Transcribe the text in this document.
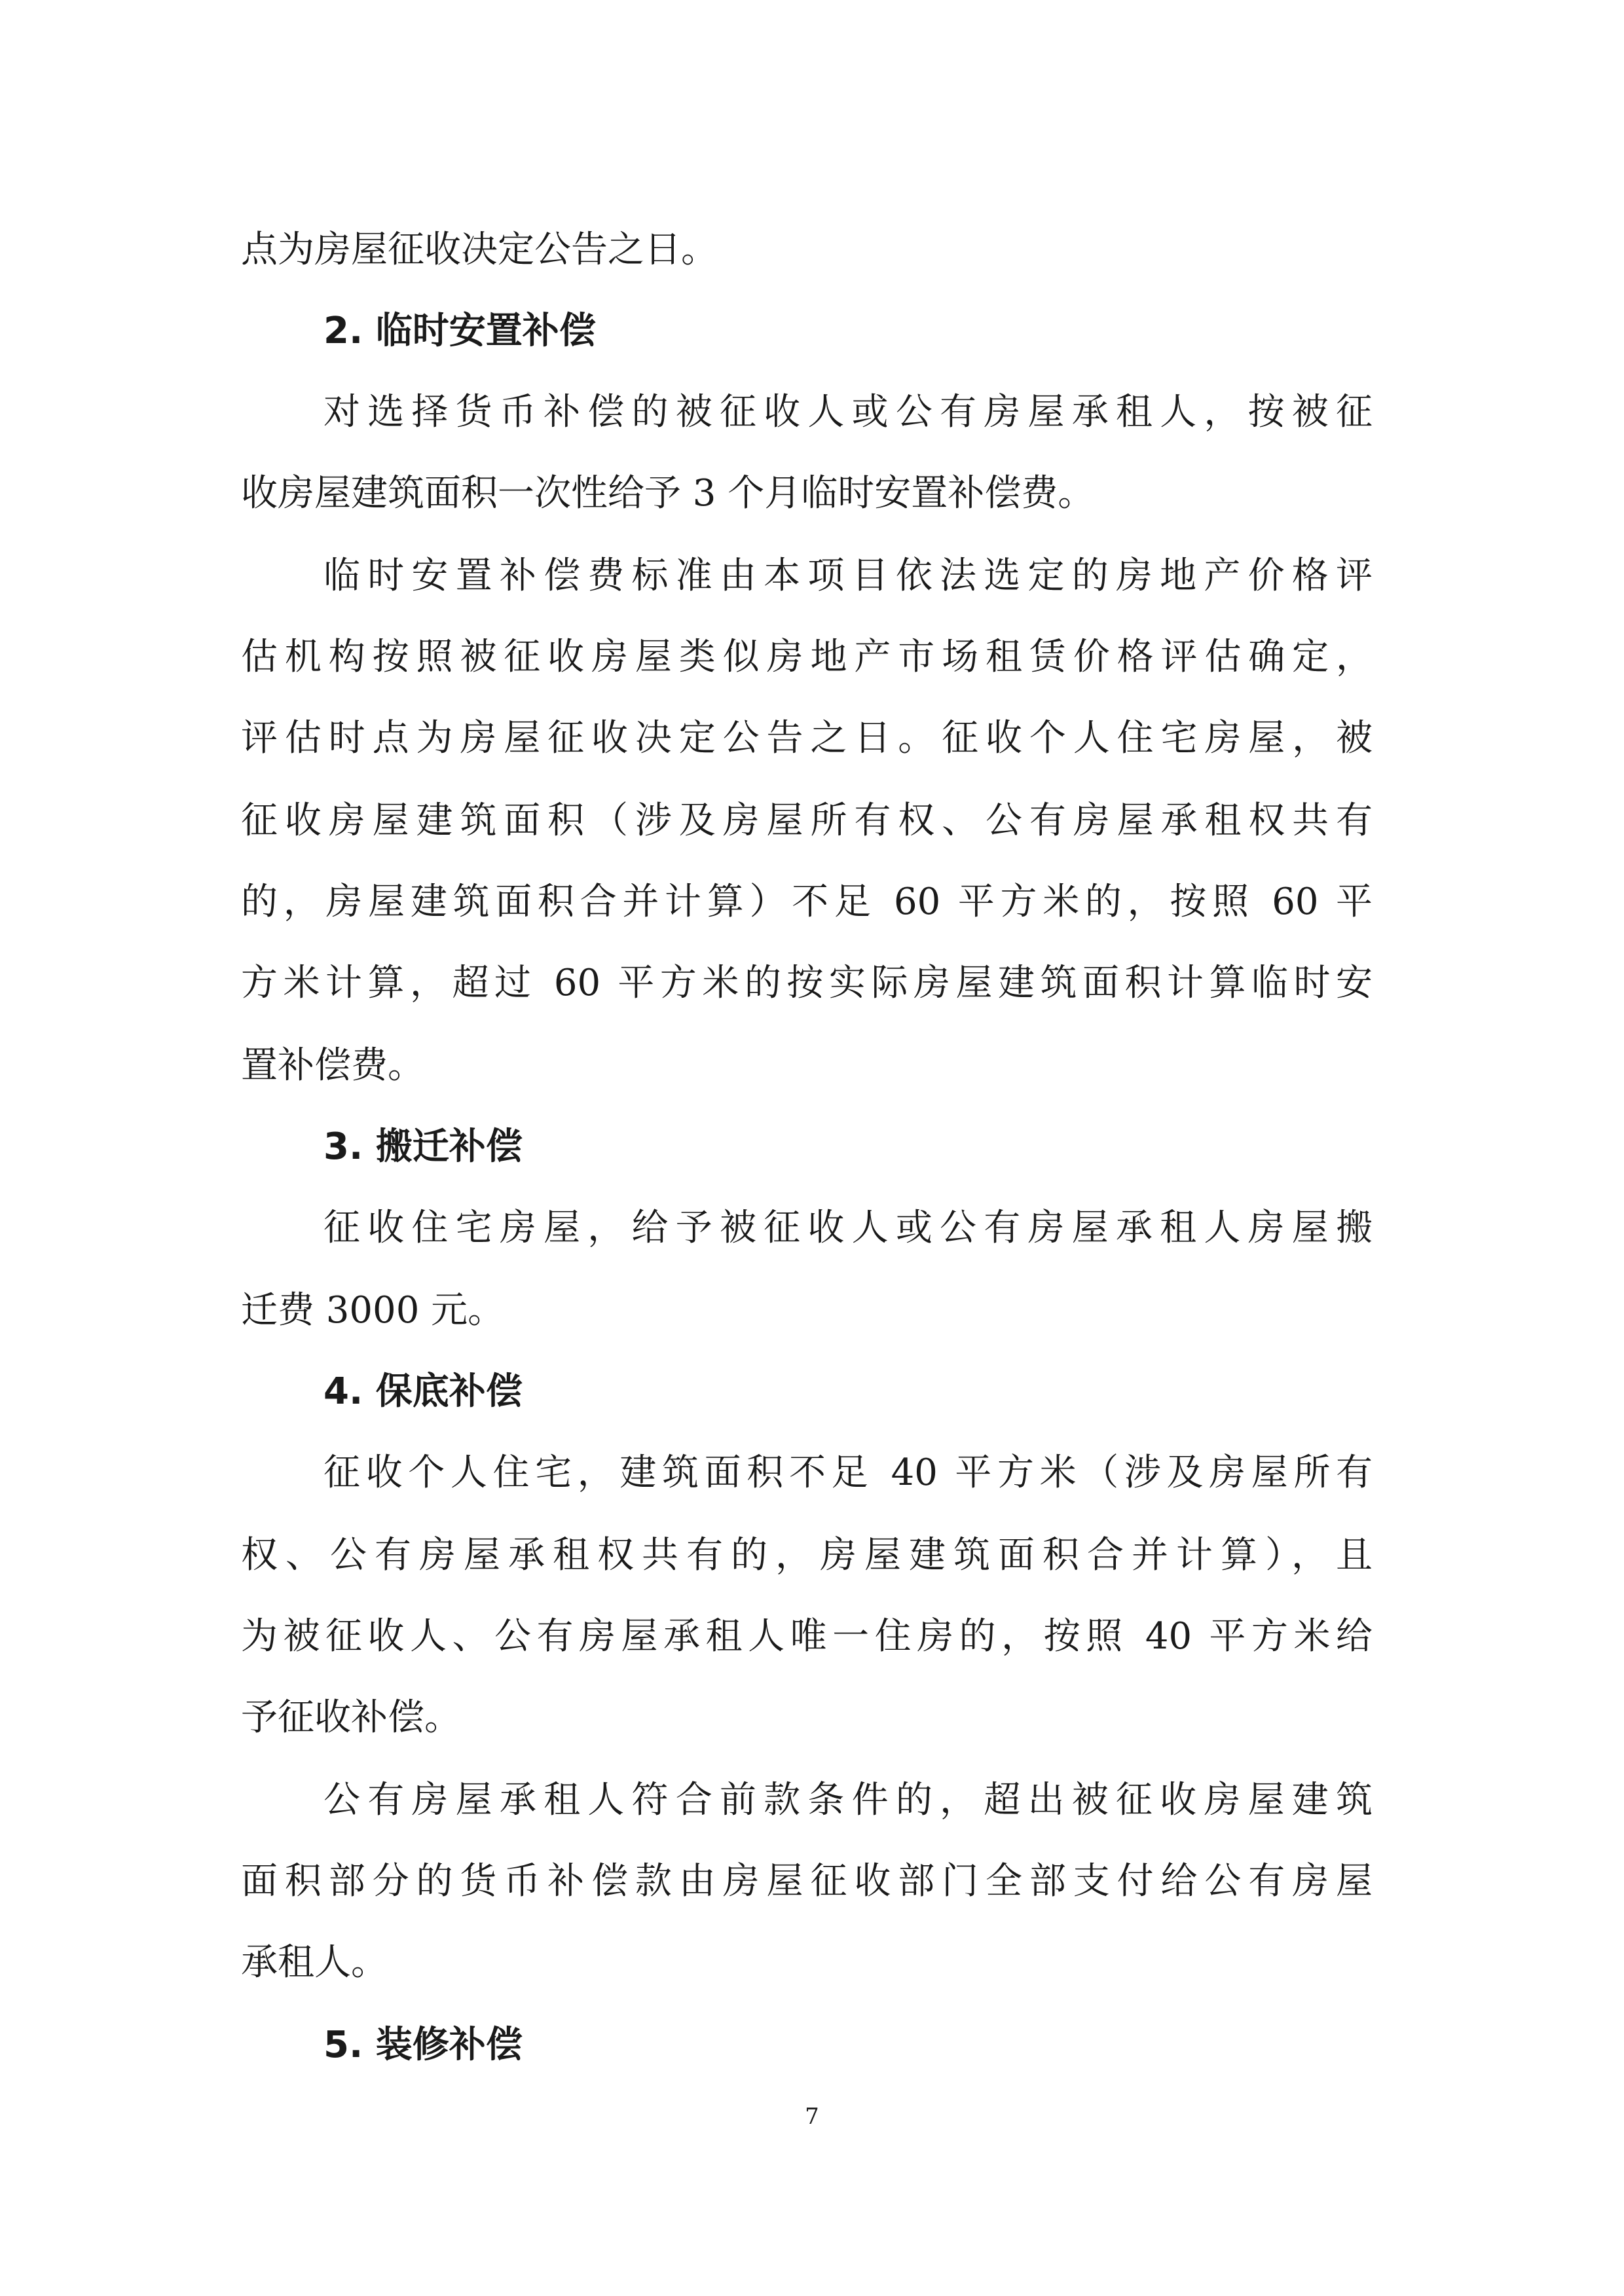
点为房屋征收决定公告之日。
2. 临时安置补偿
对选择货币补偿的被征收人或公有房屋承租人，按被征
收房屋建筑面积一次性给予 3 个月临时安置补偿费。
临时安置补偿费标准由本项目依法选定的房地产价格评
估机构按照被征收房屋类似房地产市场租赁价格评估确定，
评估时点为房屋征收决定公告之日。征收个人住宅房屋，被
征收房屋建筑面积（涉及房屋所有权、公有房屋承租权共有
的，房屋建筑面积合并计算）不足 60 平方米的，按照 60 平
方米计算，超过 60 平方米的按实际房屋建筑面积计算临时安
置补偿费。
3. 搬迁补偿
征收住宅房屋，给予被征收人或公有房屋承租人房屋搬
迁费 3000 元。
4. 保底补偿
征收个人住宅，建筑面积不足 40 平方米（涉及房屋所有
权、公有房屋承租权共有的，房屋建筑面积合并计算），且
为被征收人、公有房屋承租人唯一住房的，按照 40 平方米给
予征收补偿。
公有房屋承租人符合前款条件的，超出被征收房屋建筑
面积部分的货币补偿款由房屋征收部门全部支付给公有房屋
承租人。
5. 装修补偿
7
